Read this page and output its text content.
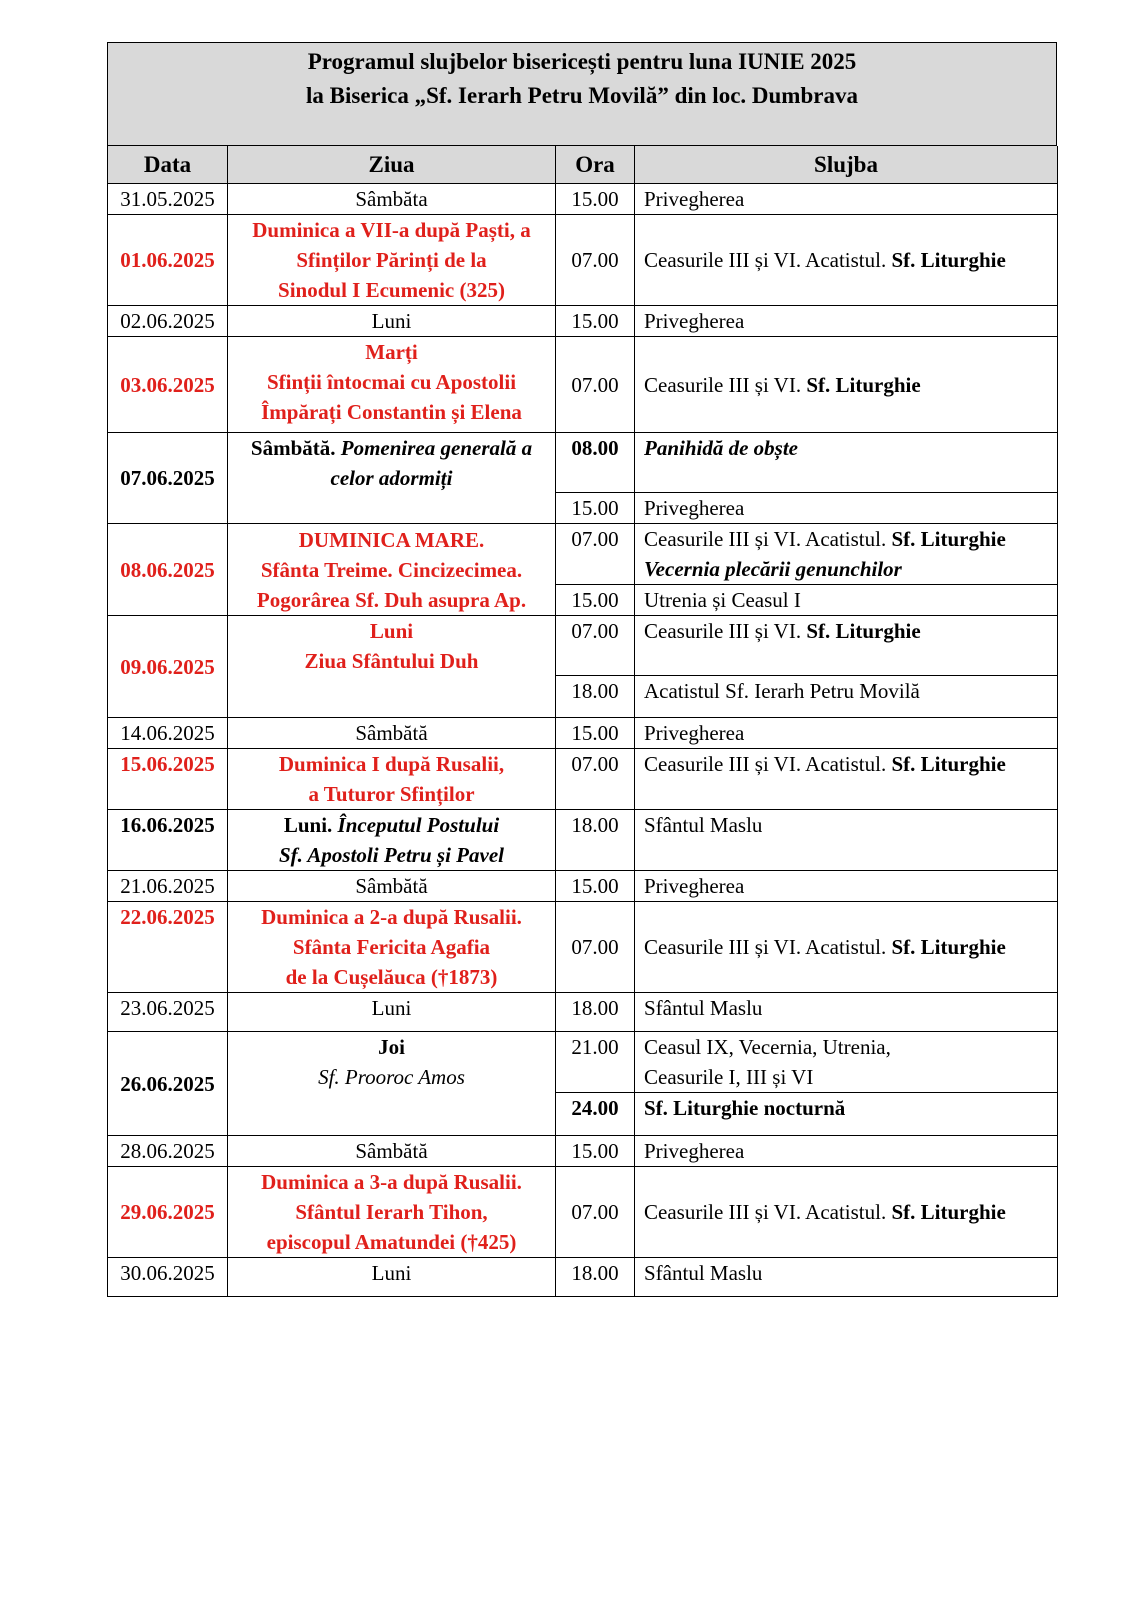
Programul slujbelor bisericești pentru luna IUNIE 2025
la Biserica „Sf. Ierarh Petru Movilă” din loc. Dumbrava
Data	Ziua	Ora	Slujba
31.05.2025	Sâmbăta	15.00	Privegherea
01.06.2025	Duminica a VII-a după Paști, a
Sfinților Părinți de la
Sinodul I Ecumenic (325)	07.00	Ceasurile III și VI. Acatistul. Sf. Liturghie
02.06.2025	Luni	15.00	Privegherea
03.06.2025	Marți
Sfinții întocmai cu Apostolii
Împărați Constantin și Elena	07.00	Ceasurile III și VI. Sf. Liturghie
07.06.2025	Sâmbătă. Pomenirea generală a
celor adormiți	08.00	Panihidă de obște
		15.00	Privegherea
08.06.2025	DUMINICA MARE.
Sfânta Treime. Cincizecimea.
Pogorârea Sf. Duh asupra Ap.	07.00	Ceasurile III și VI. Acatistul. Sf. Liturghie
Vecernia plecării genunchilor

		15.00	Utrenia și Ceasul I
09.06.2025	Luni
Ziua Sfântului Duh	07.00	Ceasurile III și VI. Sf. Liturghie
		18.00	Acatistul Sf. Ierarh Petru Movilă
14.06.2025	Sâmbătă	15.00	Privegherea
15.06.2025	Duminica I după Rusalii,
a Tuturor Sfinților	07.00	Ceasurile III și VI. Acatistul. Sf. Liturghie
16.06.2025	Luni. Începutul Postului
Sf. Apostoli Petru și Pavel	18.00	Sfântul Maslu
21.06.2025	Sâmbătă	15.00	Privegherea
22.06.2025	Duminica a 2-a după Rusalii.
Sfânta Fericita Agafia
de la Cușelăuca (†1873)	07.00	Ceasurile III și VI. Acatistul. Sf. Liturghie
23.06.2025	Luni	18.00	Sfântul Maslu
26.06.2025	Joi
Sf. Prooroc Amos	21.00	Ceasul IX, Vecernia, Utrenia,
Ceasurile I, III și VI

		24.00	Sf. Liturghie nocturnă
28.06.2025	Sâmbătă	15.00	Privegherea
29.06.2025	Duminica a 3-a după Rusalii.
Sfântul Ierarh Tihon,
episcopul Amatundei (†425)	07.00	Ceasurile III și VI. Acatistul. Sf. Liturghie
30.06.2025	Luni	18.00	Sfântul Maslu
